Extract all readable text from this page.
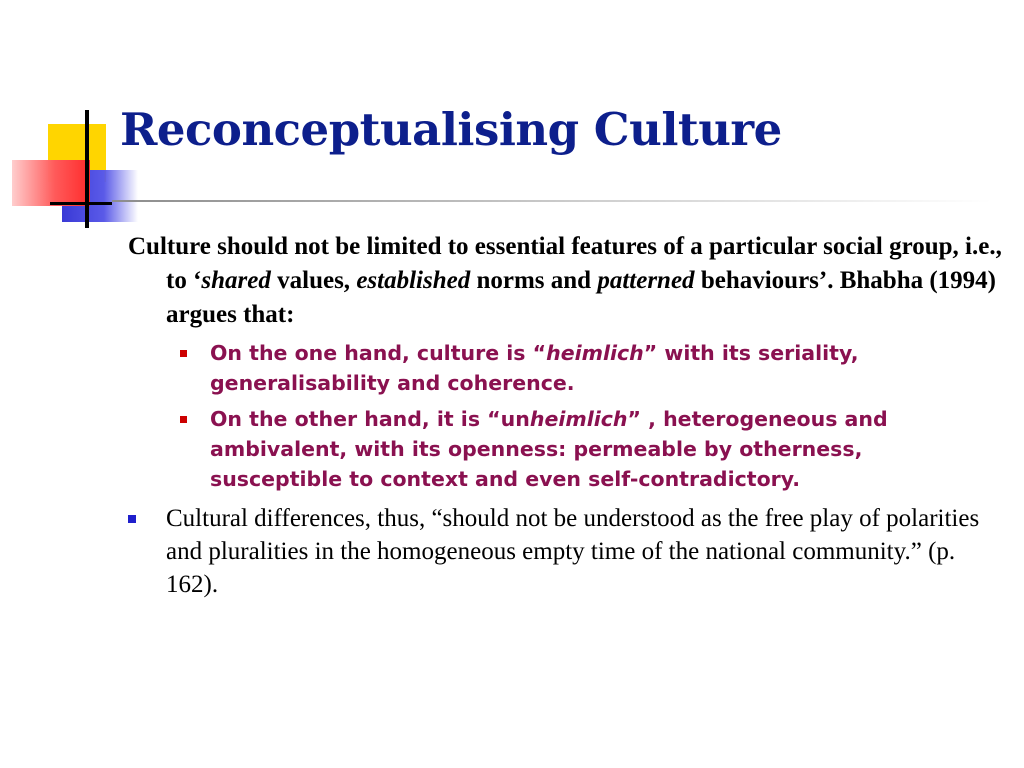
Reconceptualising Culture

Culture should not be limited to essential features of a particular social group, i.e., to ‘shared values, established norms and patterned behaviours’. Bhabha (1994) argues that:

On the one hand, culture is “heimlich” with its seriality, generalisability and coherence.
On the other hand, it is “unheimlich” , heterogeneous and ambivalent, with its openness: permeable by otherness, susceptible to context and even self-contradictory.

Cultural differences, thus, “should not be understood as the free play of polarities and pluralities in the homogeneous empty time of the national community.” (p. 162).
